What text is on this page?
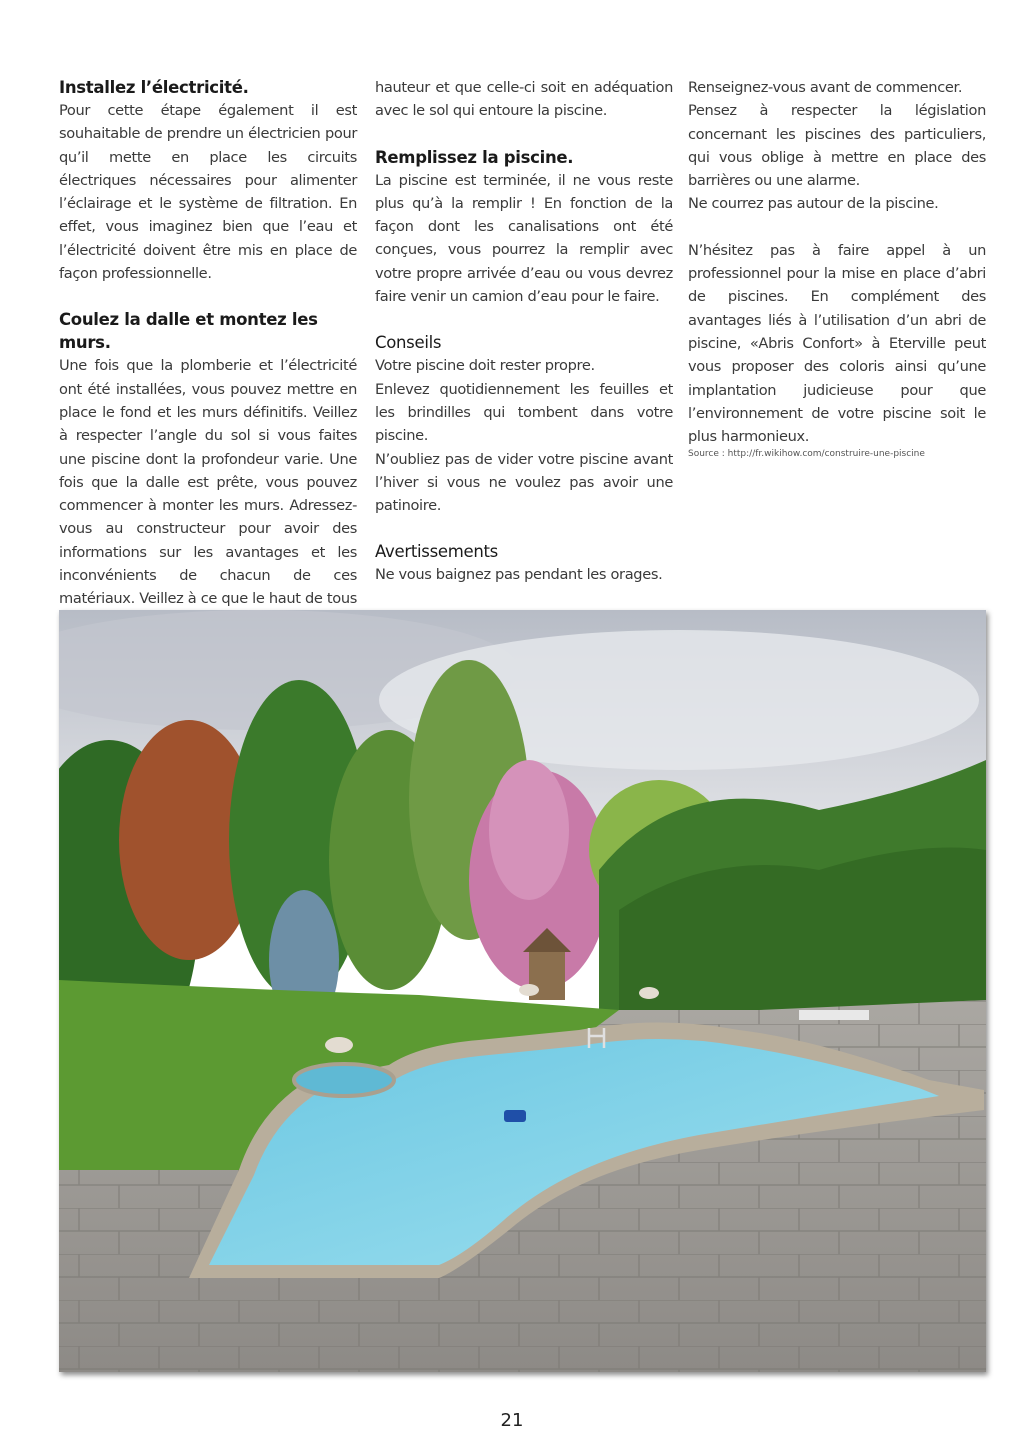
Installez l’électricité.

Pour cette étape également il est souhaitable de prendre un électricien pour qu’il mette en place les circuits électriques nécessaires pour alimenter l’éclairage et le système de filtration. En effet, vous imaginez bien que l’eau et l’électricité doivent être mis en place de façon professionnelle.

Coulez la dalle et montez les murs.

Une fois que la plomberie et l’électricité ont été installées, vous pouvez mettre en place le fond et les murs définitifs. Veillez à respecter l’angle du sol si vous faites une piscine dont la profondeur varie. Une fois que la dalle est prête, vous pouvez commencer à monter les murs. Adressez-vous au constructeur pour avoir des informations sur les avantages et les inconvénients de chacun de ces matériaux. Veillez à ce que le haut de tous

hauteur et que celle-ci soit en adéquation avec le sol qui entoure la piscine.

Remplissez la piscine.

La piscine est terminée, il ne vous reste plus qu’à la remplir ! En fonction de la façon dont les canalisations ont été conçues, vous pourrez la remplir avec votre propre arrivée d’eau ou vous devrez faire venir un camion d’eau pour le faire.

Conseils

Votre piscine doit rester propre.

Enlevez quotidiennement les feuilles et les brindilles qui tombent dans votre piscine.

N’oubliez pas de vider votre piscine avant l’hiver si vous ne voulez pas avoir une patinoire.

Avertissements

Ne vous baignez pas pendant les orages.

Renseignez-vous avant de commencer.

Pensez à respecter la législation concernant les piscines des particuliers, qui vous oblige à mettre en place des barrières ou une alarme.

Ne courrez pas autour de la piscine.

N’hésitez pas à faire appel à un professionnel pour la mise en place d’abri de piscines. En complément des avantages liés à l’utilisation d’un abri de piscine, «Abris Confort» à Eterville peut vous proposer des coloris ainsi qu’une implantation judicieuse pour que l’environnement de votre piscine soit le plus harmonieux.

Source : http://fr.wikihow.com/construire-une-piscine

21
